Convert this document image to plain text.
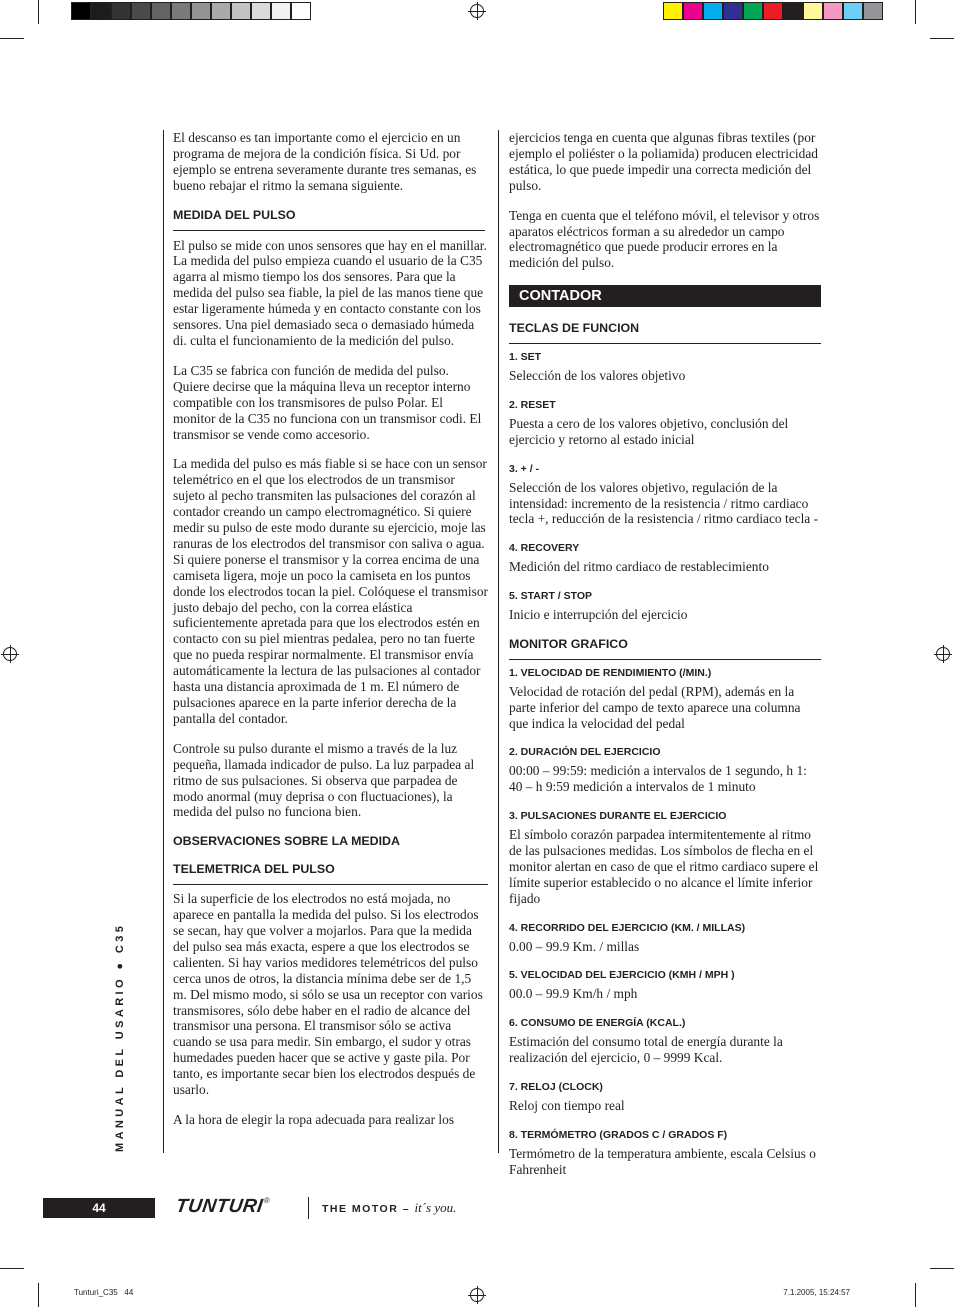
MANUAL DEL USARIO ● C35

El descanso es tan importante como el ejercicio en un programa de mejora de la condición física. Si Ud. por ejemplo se entrena severamente durante tres semanas, es bueno rebajar el ritmo la semana siguiente.

MEDIDA DEL PULSO

El pulso se mide con unos sensores que hay en el manillar. La medida del pulso empieza cuando el usuario de la C35 agarra al mismo tiempo los dos sensores. Para que la medida del pulso sea fiable, la piel de las manos tiene que estar ligeramente húmeda y en contacto constante con los sensores. Una piel demasiado seca o demasiado húmeda di. culta el funcionamiento de la medición del pulso.

La C35 se fabrica con función de medida del pulso. Quiere decirse que la máquina lleva un receptor interno compatible con los transmisores de pulso Polar. El monitor de la C35 no funciona con un transmisor codi. El transmisor se vende como accesorio.

La medida del pulso es más fiable si se hace con un sensor telemétrico en el que los electrodos de un transmisor sujeto al pecho transmiten las pulsaciones del corazón al contador creando un campo electromagnético. Si quiere medir su pulso de este modo durante su ejercicio, moje las ranuras de los electrodos del transmisor con saliva o agua. Si quiere ponerse el transmisor y la correa encima de una camiseta ligera, moje un poco la camiseta en los puntos donde los electrodos tocan la piel. Colóquese el transmisor justo debajo del pecho, con la correa elástica suficientemente apretada para que los electrodos estén en contacto con su piel mientras pedalea, pero no tan fuerte que no pueda respirar normalmente. El transmisor envía automáticamente la lectura de las pulsaciones al contador hasta una distancia aproximada de 1 m. El número de pulsaciones aparece en la parte inferior derecha de la pantalla del contador.

Controle su pulso durante el mismo a través de la luz pequeña, llamada indicador de pulso. La luz parpadea al ritmo de sus pulsaciones. Si observa que parpadea de modo anormal (muy deprisa o con fluctuaciones), la medida del pulso no funciona bien.

OBSERVACIONES SOBRE LA MEDIDA
TELEMETRICA DEL PULSO

Si la superficie de los electrodos no está mojada, no aparece en pantalla la medida del pulso. Si los electrodos se secan, hay que volver a mojarlos. Para que la medida del pulso sea más exacta, espere a que los electrodos se calienten. Si hay varios medidores telemétricos del pulso cerca unos de otros, la distancia mínima debe ser de 1,5 m. Del mismo modo, si sólo se usa un receptor con varios transmisores, sólo debe haber en el radio de alcance del transmisor una persona. El transmisor sólo se activa cuando se usa para medir. Sin embargo, el sudor y otras humedades pueden hacer que se active y gaste pila. Por tanto, es importante secar bien los electrodos después de usarlo.

A la hora de elegir la ropa adecuada para realizar los

ejercicios tenga en cuenta que algunas fibras textiles (por ejemplo el poliéster o la poliamida) producen electricidad estática, lo que puede impedir una correcta medición del pulso.

Tenga en cuenta que el teléfono móvil, el televisor y otros aparatos eléctricos forman a su alrededor un campo electromagnético que puede producir errores en la medición del pulso.

CONTADOR
TECLAS DE FUNCION
1. SET

Selección de los valores objetivo

2. RESET

Puesta a cero de los valores objetivo, conclusión del ejercicio y retorno al estado inicial

3. + / -

Selección de los valores objetivo, regulación de la intensidad: incremento de la resistencia / ritmo cardiaco tecla +, reducción de la resistencia / ritmo cardiaco tecla -

4. RECOVERY

Medición del ritmo cardiaco de restablecimiento

5. START / STOP

Inicio e interrupción del ejercicio

MONITOR GRAFICO
1. VELOCIDAD DE RENDIMIENTO (/MIN.)

Velocidad de rotación del pedal (RPM), además en la parte inferior del campo de texto aparece una columna que indica la velocidad del pedal

2. DURACIÓN DEL EJERCICIO

00:00 – 99:59: medición a intervalos de 1 segundo, h 1: 40 – h 9:59 medición a intervalos de 1 minuto

3. PULSACIONES DURANTE EL EJERCICIO

El símbolo corazón parpadea intermitentemente al ritmo de las pulsaciones medidas. Los símbolos de flecha en el monitor alertan en caso de que el ritmo cardiaco supere el límite superior establecido o no alcance el límite inferior fijado

4. RECORRIDO DEL EJERCICIO (KM. / MILLAS)

0.00 – 99.9 Km. / millas

5. VELOCIDAD DEL EJERCICIO (KMH / MPH )

00.0 – 99.9 Km/h / mph

6. CONSUMO DE ENERGÍA (KCAL.)

Estimación del consumo total de energía durante la realización del ejercicio, 0 – 9999 Kcal.

7. RELOJ (CLOCK)

Reloj con tiempo real

8. TERMÓMETRO (GRADOS C / GRADOS F)

Termómetro de la temperatura ambiente, escala Celsius o Fahrenheit

44	TUNTURI®
THE MOTOR – it´s you.
Tunturi_C35   44	7.1.2005, 15:24:57
